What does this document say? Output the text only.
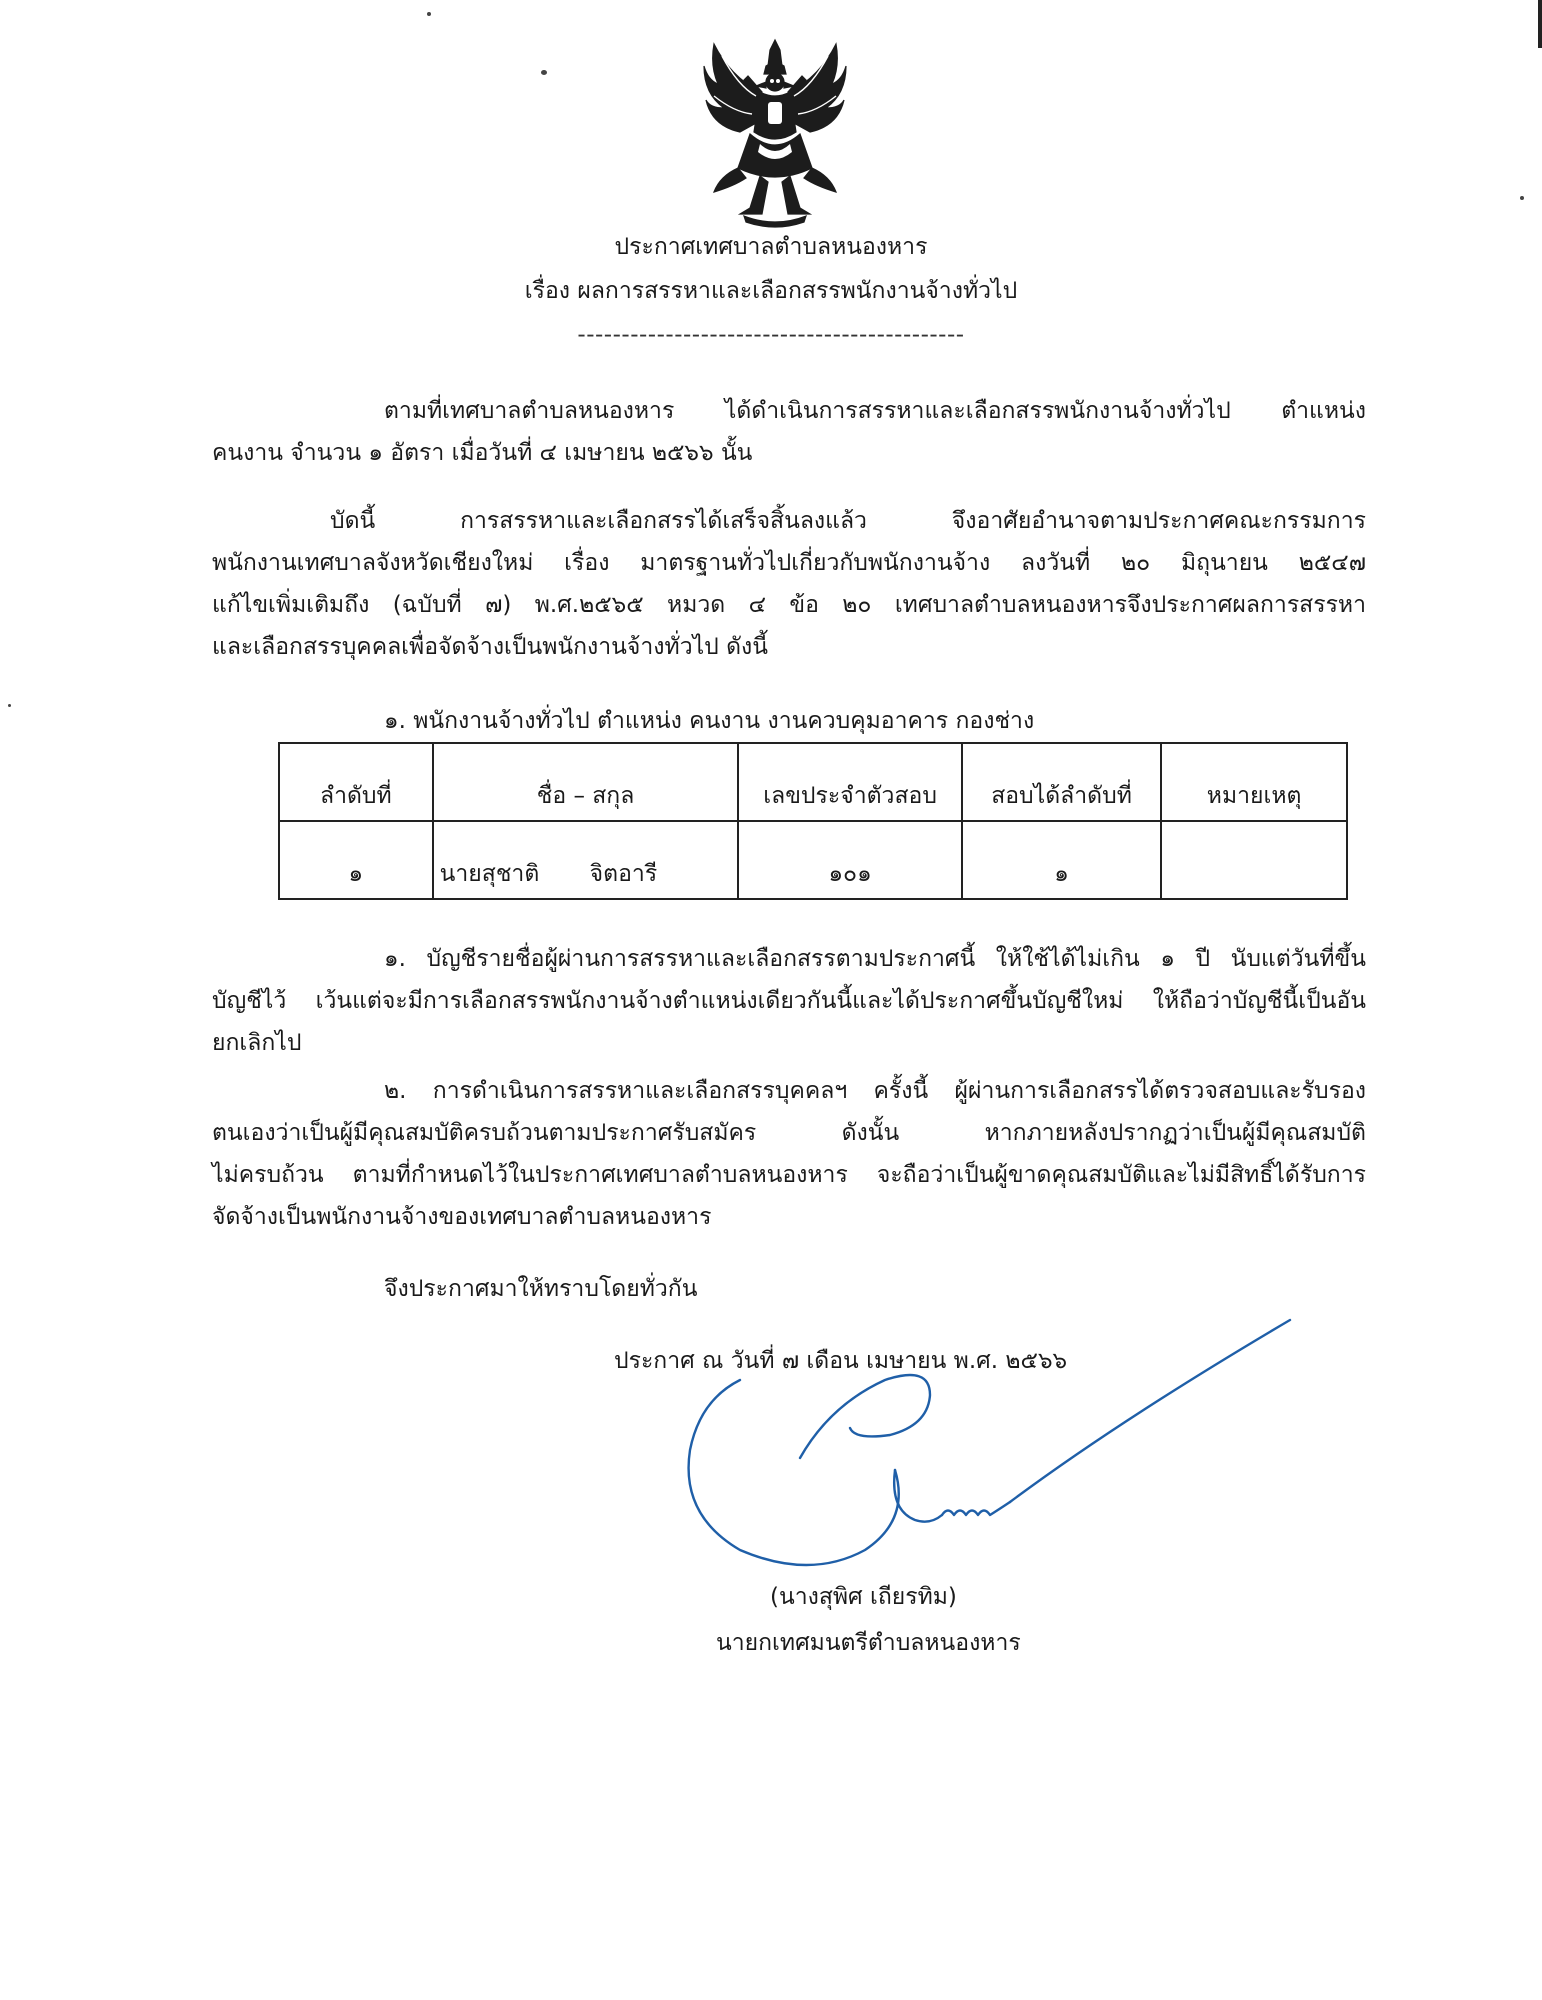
ประกาศเทศบาลตำบลหนองหาร
เรื่อง ผลการสรรหาและเลือกสรรพนักงานจ้างทั่วไป
--------------------------------------------
ตามที่เทศบาลตำบลหนองหาร ได้ดำเนินการสรรหาและเลือกสรรพนักงานจ้างทั่วไป ตำแหน่ง
คนงาน จำนวน ๑ อัตรา เมื่อวันที่ ๔ เมษายน ๒๕๖๖ นั้น
บัดนี้ การสรรหาและเลือกสรรได้เสร็จสิ้นลงแล้ว จึงอาศัยอำนาจตามประกาศคณะกรรมการ
พนักงานเทศบาลจังหวัดเชียงใหม่ เรื่อง มาตรฐานทั่วไปเกี่ยวกับพนักงานจ้าง ลงวันที่ ๒๐ มิถุนายน ๒๕๔๗
แก้ไขเพิ่มเติมถึง (ฉบับที่ ๗) พ.ศ.๒๕๖๕ หมวด ๔ ข้อ ๒๐ เทศบาลตำบลหนองหารจึงประกาศผลการสรรหา
และเลือกสรรบุคคลเพื่อจัดจ้างเป็นพนักงานจ้างทั่วไป ดังนี้
๑. พนักงานจ้างทั่วไป ตำแหน่ง คนงาน งานควบคุมอาคาร กองช่าง
ลำดับที่	ชื่อ – สกุล	เลขประจำตัวสอบ	สอบได้ลำดับที่	หมายเหตุ
๑	นายสุชาติ จิตอารี	๑๐๑	๑	
๑. บัญชีรายชื่อผู้ผ่านการสรรหาและเลือกสรรตามประกาศนี้ ให้ใช้ได้ไม่เกิน ๑ ปี นับแต่วันที่ขึ้น
บัญชีไว้ เว้นแต่จะมีการเลือกสรรพนักงานจ้างตำแหน่งเดียวกันนี้และได้ประกาศขึ้นบัญชีใหม่ ให้ถือว่าบัญชีนี้เป็นอัน
ยกเลิกไป
๒. การดำเนินการสรรหาและเลือกสรรบุคคลฯ ครั้งนี้ ผู้ผ่านการเลือกสรรได้ตรวจสอบและรับรอง
ตนเองว่าเป็นผู้มีคุณสมบัติครบถ้วนตามประกาศรับสมัคร ดังนั้น หากภายหลังปรากฏว่าเป็นผู้มีคุณสมบัติ
ไม่ครบถ้วน ตามที่กำหนดไว้ในประกาศเทศบาลตำบลหนองหาร จะถือว่าเป็นผู้ขาดคุณสมบัติและไม่มีสิทธิ์ได้รับการ
จัดจ้างเป็นพนักงานจ้างของเทศบาลตำบลหนองหาร
จึงประกาศมาให้ทราบโดยทั่วกัน
ประกาศ ณ วันที่ ๗ เดือน เมษายน พ.ศ. ๒๕๖๖
(นางสุพิศ เถียรทิม)
นายกเทศมนตรีตำบลหนองหาร
